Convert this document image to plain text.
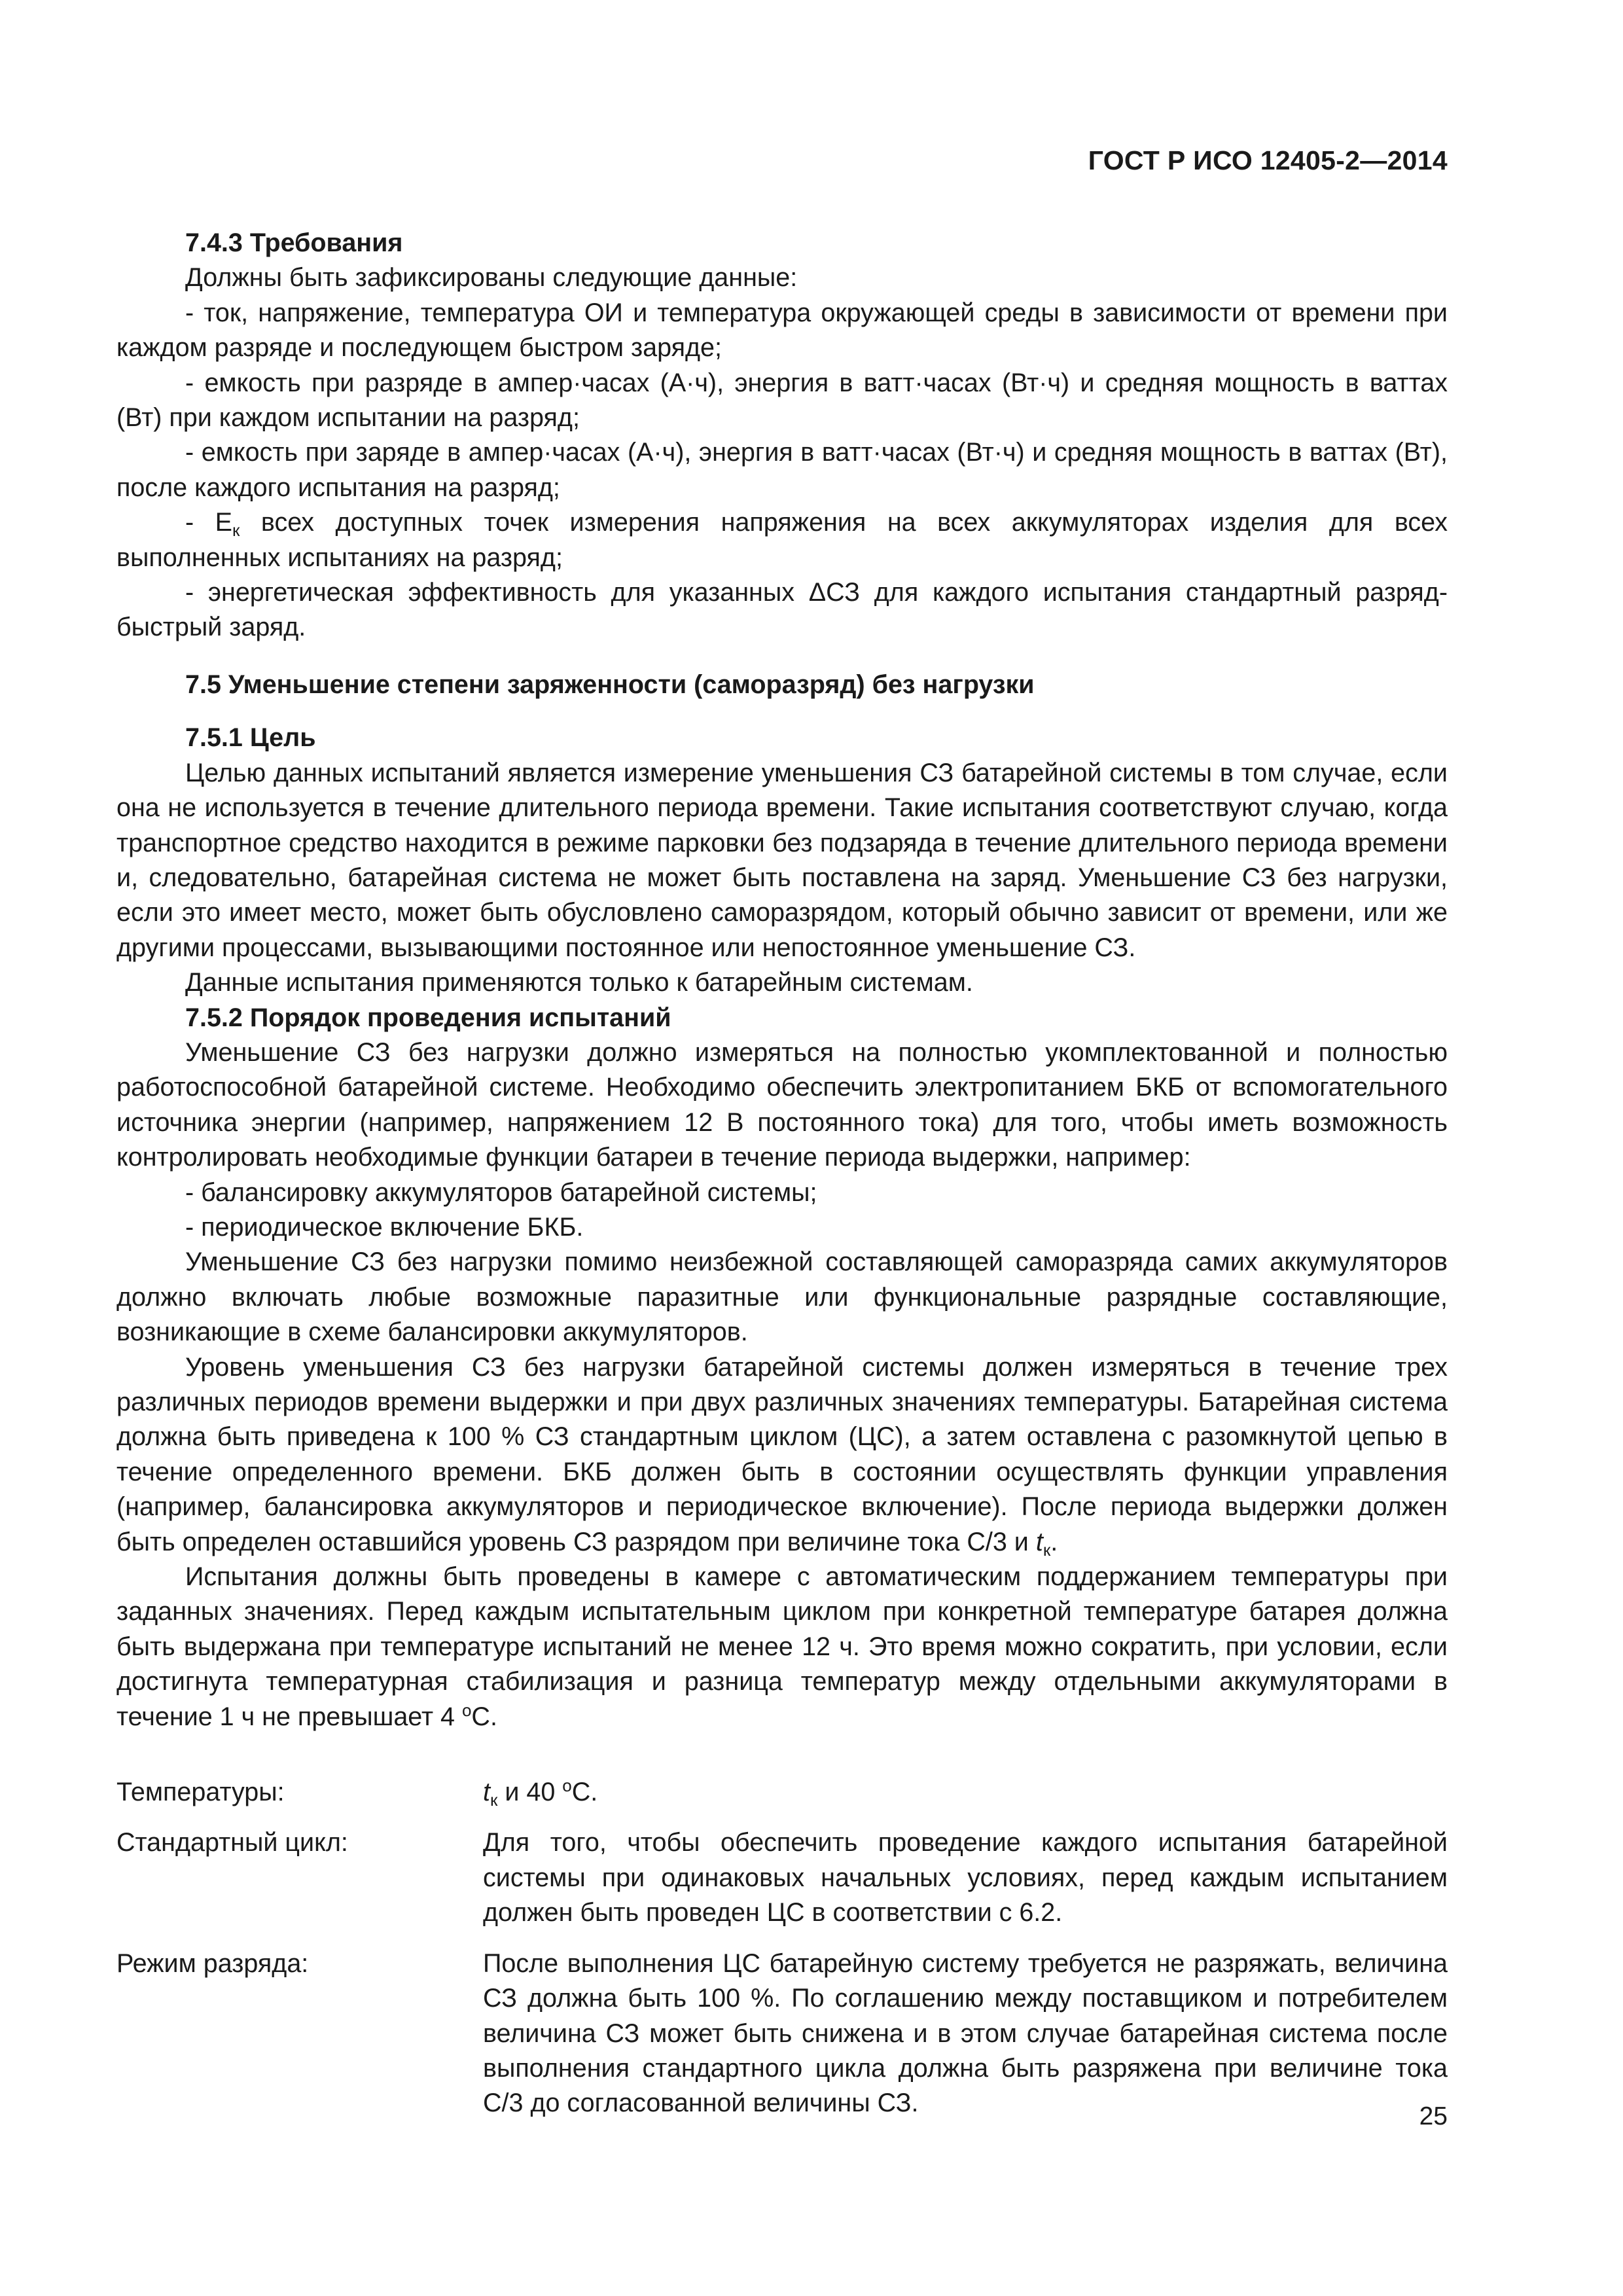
ГОСТ Р ИСО 12405-2—2014
7.4.3 Требования

Должны быть зафиксированы следующие данные:

- ток, напряжение, температура ОИ и температура окружающей среды в зависимости от времени при каждом разряде и последующем быстром заряде;

- емкость при разряде в ампер·часах (А·ч), энергия в ватт·часах (Вт·ч) и средняя мощность в ваттах (Вт) при каждом испытании на разряд;

- емкость при заряде в ампер·часах (А·ч), энергия в ватт·часах (Вт·ч) и средняя мощность в ваттах (Вт), после каждого испытания на разряд;

- $E_к$ всех доступных точек измерения напряжения на всех аккумуляторах изделия для всех выполненных испытаниях на разряд;

- энергетическая эффективность для указанных ΔСЗ для каждого испытания стандартный разряд-быстрый заряд.

7.5 Уменьшение степени заряженности (саморазряд) без нагрузки
7.5.1 Цель

Целью данных испытаний является измерение уменьшения СЗ батарейной системы в том случае, если она не используется в течение длительного периода времени. Такие испытания соответствуют случаю, когда транспортное средство находится в режиме парковки без подзаряда в течение длительного периода времени и, следовательно, батарейная система не может быть поставлена на заряд. Уменьшение СЗ без нагрузки, если это имеет место, может быть обусловлено саморазрядом, который обычно зависит от времени, или же другими процессами, вызывающими постоянное или непостоянное уменьшение СЗ.

Данные испытания применяются только к батарейным системам.

7.5.2 Порядок проведения испытаний

Уменьшение СЗ без нагрузки должно измеряться на полностью укомплектованной и полностью работоспособной батарейной системе. Необходимо обеспечить электропитанием БКБ от вспомогательного источника энергии (например, напряжением 12 В постоянного тока) для того, чтобы иметь возможность контролировать необходимые функции батареи в течение периода выдержки, например:

- балансировку аккумуляторов батарейной системы;

- периодическое включение БКБ.

Уменьшение СЗ без нагрузки помимо неизбежной составляющей саморазряда самих аккумуляторов должно включать любые возможные паразитные или функциональные разрядные составляющие, возникающие в схеме балансировки аккумуляторов.

Уровень уменьшения СЗ без нагрузки батарейной системы должен измеряться в течение трех различных периодов времени выдержки и при двух различных значениях температуры. Батарейная система должна быть приведена к 100 % СЗ стандартным циклом (ЦС), а затем оставлена с разомкнутой цепью в течение определенного времени. БКБ должен быть в состоянии осуществлять функции управления (например, балансировка аккумуляторов и периодическое включение). После периода выдержки должен быть определен оставшийся уровень СЗ разрядом при величине тока С/3 и $t_к$.

Испытания должны быть проведены в камере с автоматическим поддержанием температуры при заданных значениях. Перед каждым испытательным циклом при конкретной температуре батарея должна быть выдержана при температуре испытаний не менее 12 ч. Это время можно сократить, при условии, если достигнута температурная стабилизация и разница температур между отдельными аккумуляторами в течение 1 ч не превышает 4 $^о$С.

Температуры:	$t_к$ и 40 $^о$С.

Стандартный цикл:	Для того, чтобы обеспечить проведение каждого испытания батарейной системы при одинаковых начальных условиях, перед каждым испытанием должен быть проведен ЦС в соответствии с 6.2.

Режим разряда:	После выполнения ЦС батарейную систему требуется не разряжать, величина СЗ должна быть 100 %. По соглашению между поставщиком и потребителем величина СЗ может быть снижена и в этом случае батарейная система после выполнения стандартного цикла должна быть разряжена при величине тока С/3 до согласованной величины СЗ.	25
